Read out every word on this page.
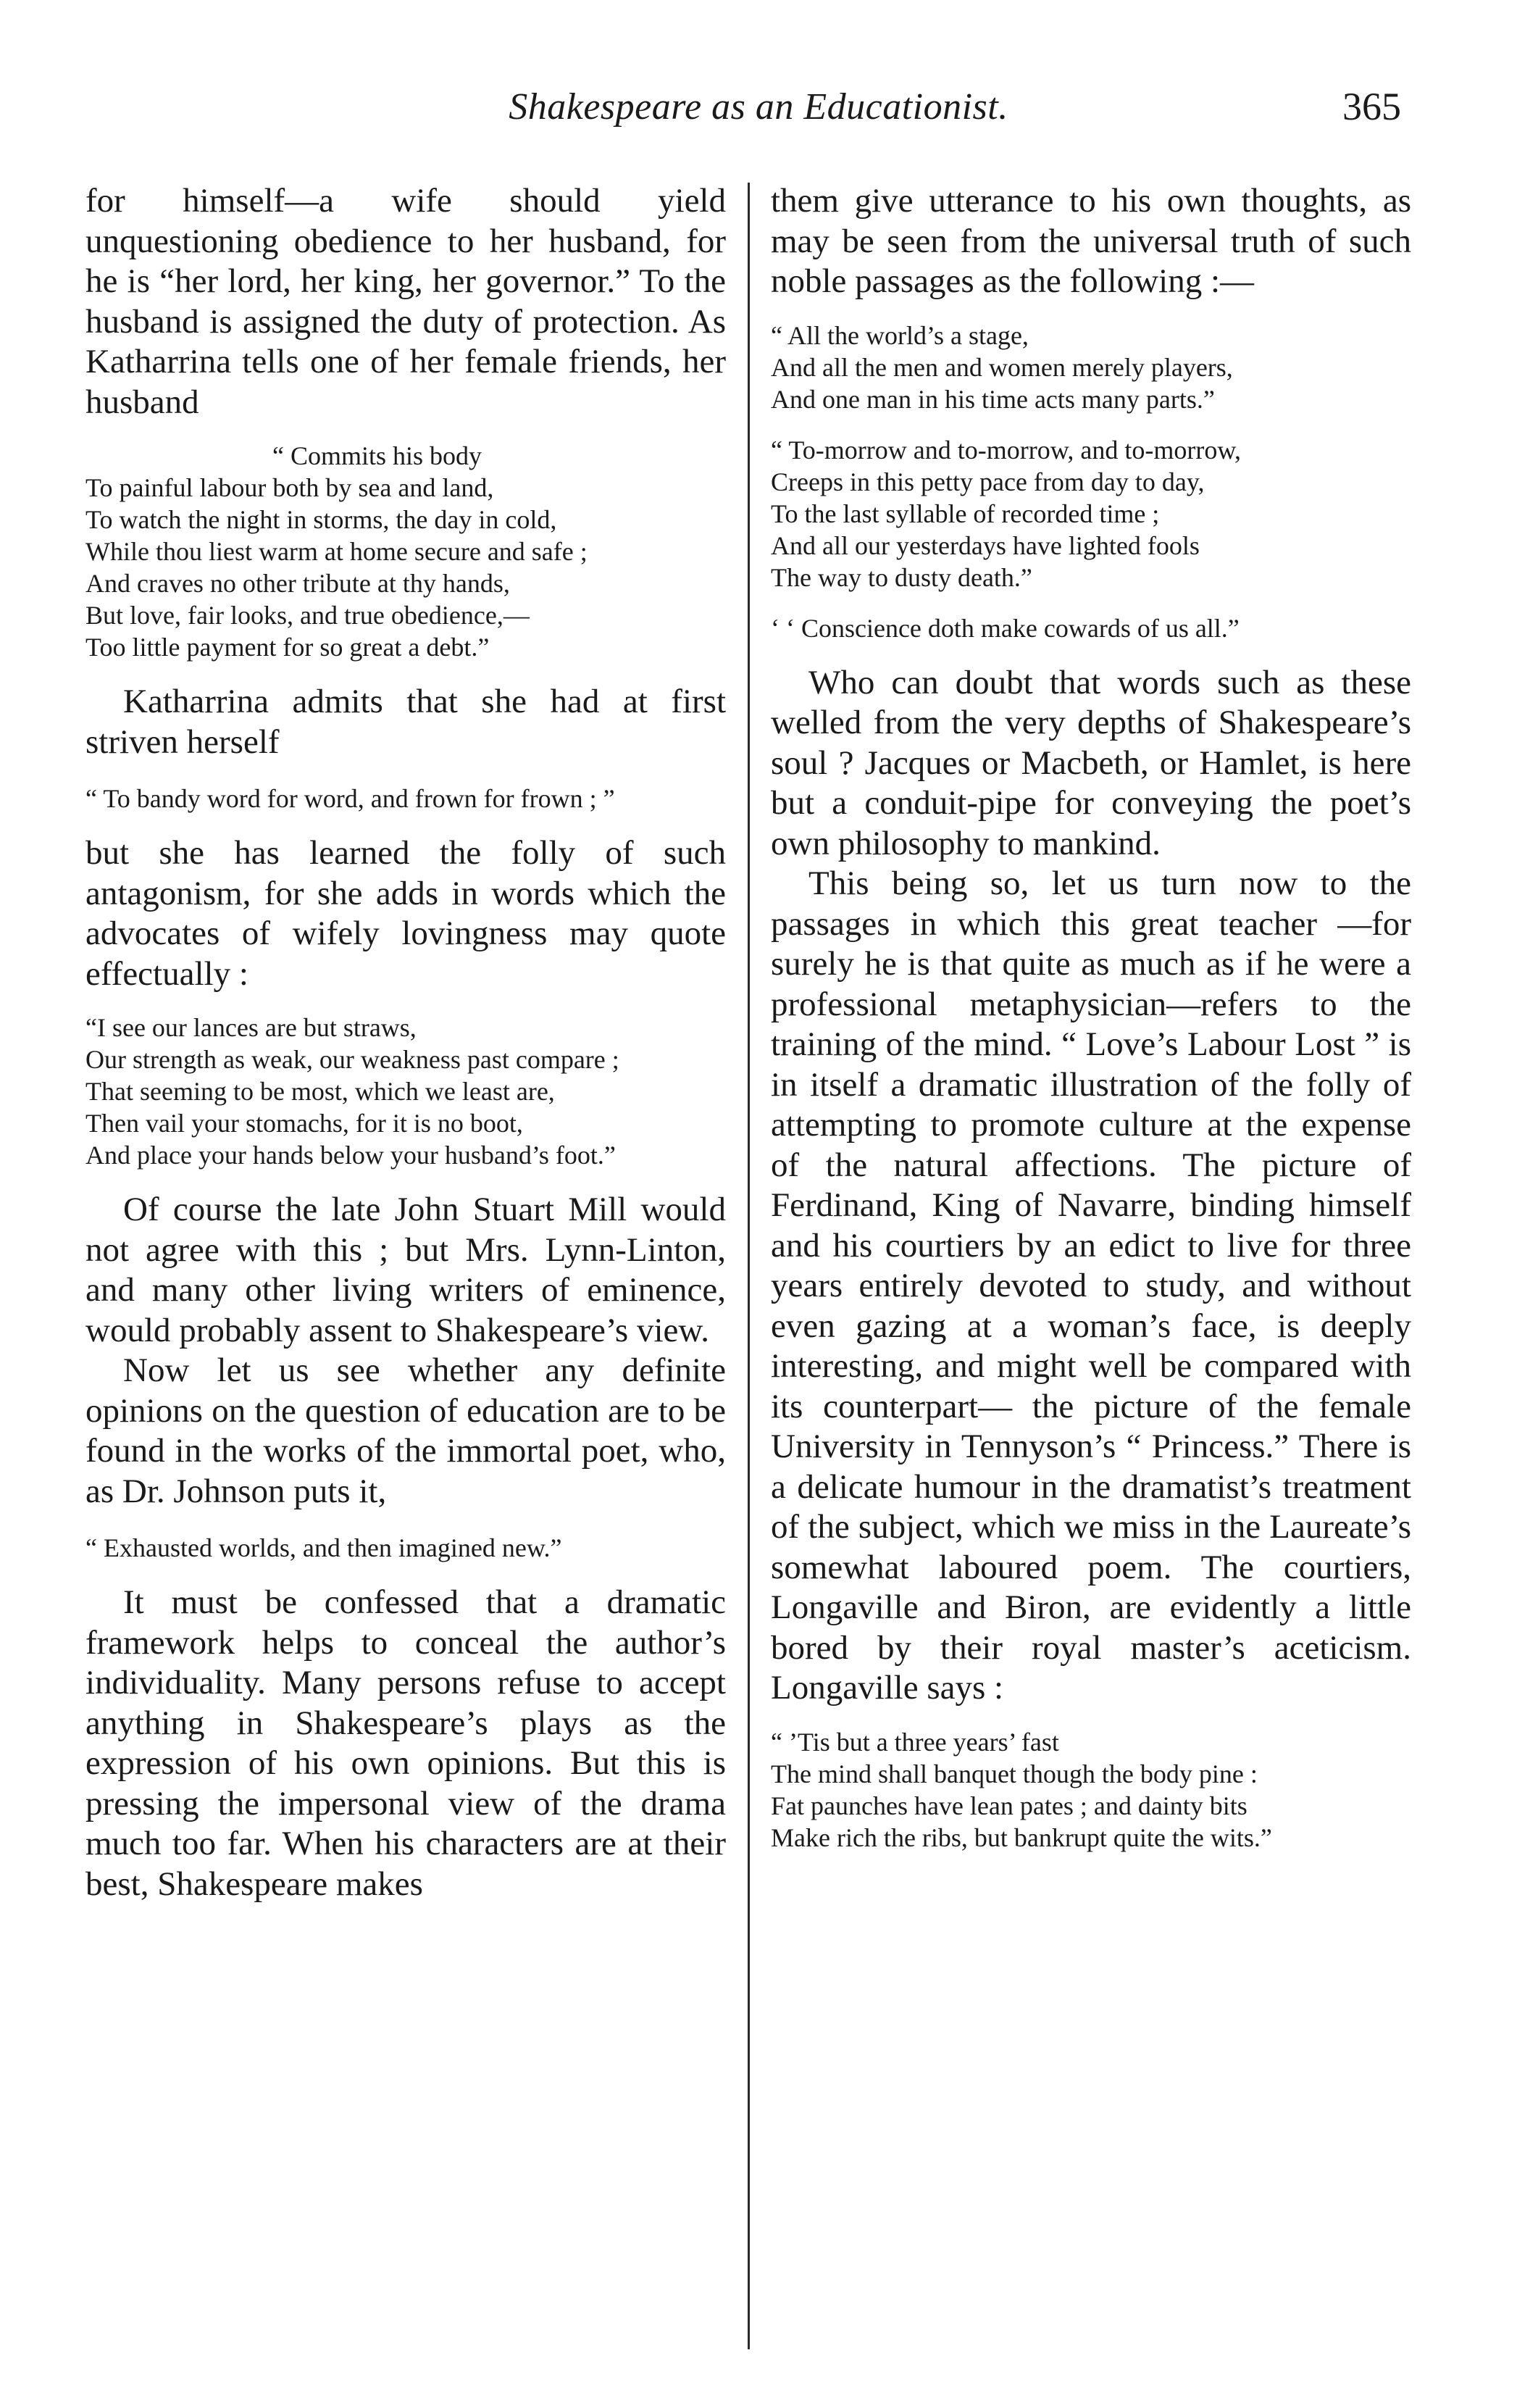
Shakespeare as an Educationist.	365

for himself—a wife should yield unquestioning obedience to her husband, for he is “her lord, her king, her governor.” To the husband is assigned the duty of protection. As Katharrina tells one of her female friends, her husband

“ Commits his body
To painful labour both by sea and land,
To watch the night in storms, the day in cold,
While thou liest warm at home secure and safe ;
And craves no other tribute at thy hands,
But love, fair looks, and true obedience,—
Too little payment for so great a debt.”

Katharrina admits that she had at first striven herself

“ To bandy word for word, and frown for frown ; ”

but she has learned the folly of such antagonism, for she adds in words which the advocates of wifely lovingness may quote effectually :

“I see our lances are but straws,
Our strength as weak, our weakness past compare ;
That seeming to be most, which we least are,
Then vail your stomachs, for it is no boot,
And place your hands below your husband’s foot.”

Of course the late John Stuart Mill would not agree with this ; but Mrs. Lynn-Linton, and many other living writers of eminence, would probably assent to Shakespeare’s view.

Now let us see whether any definite opinions on the question of education are to be found in the works of the immortal poet, who, as Dr. Johnson puts it,

“ Exhausted worlds, and then imagined new.”

It must be confessed that a dramatic framework helps to conceal the author’s individuality. Many persons refuse to accept anything in Shakespeare’s plays as the expression of his own opinions. But this is pressing the impersonal view of the drama much too far. When his characters are at their best, Shakespeare makes

them give utterance to his own thoughts, as may be seen from the universal truth of such noble passages as the following :—

“ All the world’s a stage,
And all the men and women merely players,
And one man in his time acts many parts.”
“ To-morrow and to-morrow, and to-morrow,
Creeps in this petty pace from day to day,
To the last syllable of recorded time ;
And all our yesterdays have lighted fools
The way to dusty death.”
‘ ‘ Conscience doth make cowards of us all.”

Who can doubt that words such as these welled from the very depths of Shakespeare’s soul ? Jacques or Macbeth, or Hamlet, is here but a conduit-pipe for conveying the poet’s own philosophy to mankind.

This being so, let us turn now to the passages in which this great teacher —for surely he is that quite as much as if he were a professional metaphysician—refers to the training of the mind. “ Love’s Labour Lost ” is in itself a dramatic illustration of the folly of attempting to promote culture at the expense of the natural affections. The picture of Ferdinand, King of Navarre, binding himself and his courtiers by an edict to live for three years entirely devoted to study, and without even gazing at a woman’s face, is deeply interesting, and might well be compared with its counterpart— the picture of the female University in Tennyson’s “ Princess.” There is a delicate humour in the dramatist’s treatment of the subject, which we miss in the Laureate’s somewhat laboured poem. The courtiers, Longaville and Biron, are evidently a little bored by their royal master’s aceticism. Longaville says :

“ ’Tis but a three years’ fast
The mind shall banquet though the body pine :
Fat paunches have lean pates ; and dainty bits
Make rich the ribs, but bankrupt quite the wits.”
